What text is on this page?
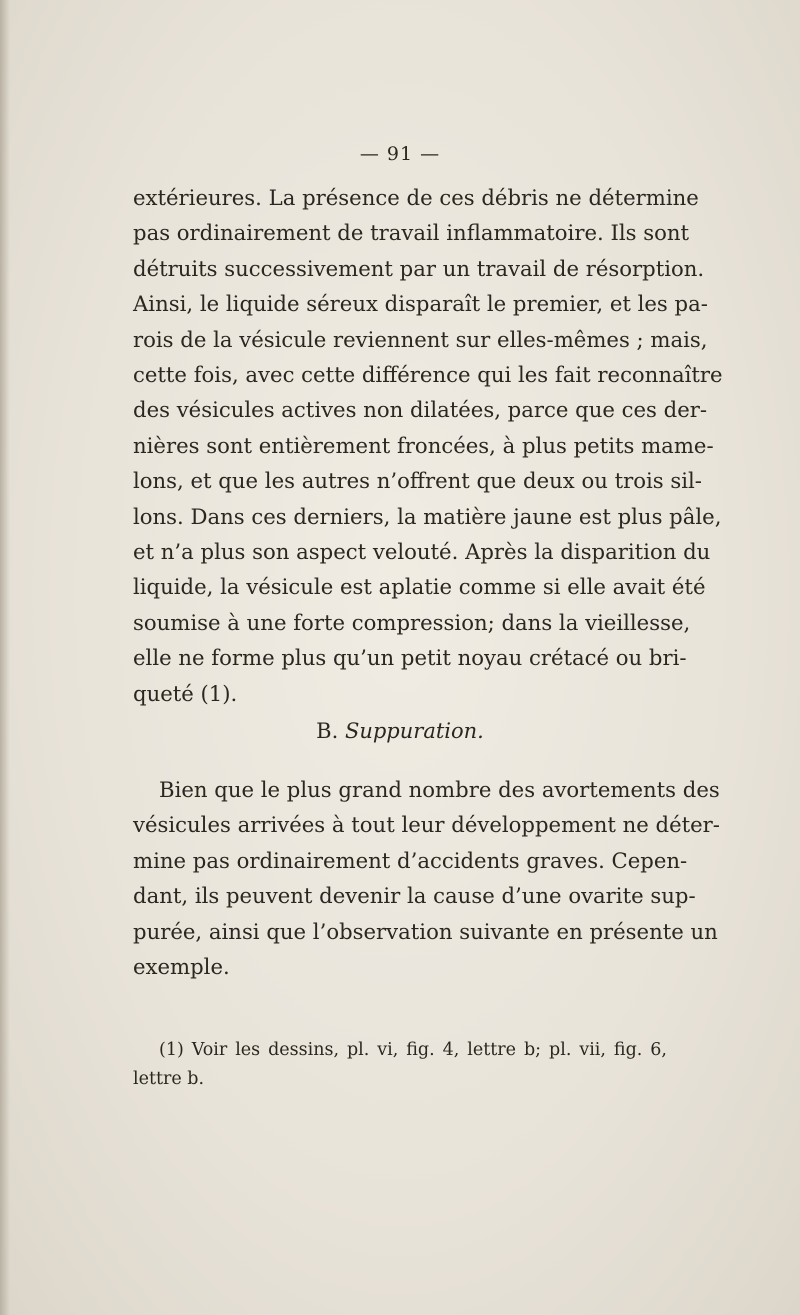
— 91 —
extérieures. La présence de ces débris ne détermine
pas ordinairement de travail inflammatoire. Ils sont
détruits successivement par un travail de résorption.
Ainsi, le liquide séreux disparaît le premier, et les pa-
rois de la vésicule reviennent sur elles-mêmes ; mais,
cette fois, avec cette différence qui les fait reconnaître
des vésicules actives non dilatées, parce que ces der-
nières sont entièrement froncées, à plus petits mame-
lons, et que les autres n’offrent que deux ou trois sil-
lons. Dans ces derniers, la matière jaune est plus pâle,
et n’a plus son aspect velouté. Après la disparition du
liquide, la vésicule est aplatie comme si elle avait été
soumise à une forte compression; dans la vieillesse,
elle ne forme plus qu’un petit noyau crétacé ou bri-
queté (1).
B. Suppuration.
Bien que le plus grand nombre des avortements des
vésicules arrivées à tout leur développement ne déter-
mine pas ordinairement d’accidents graves. Cepen-
dant, ils peuvent devenir la cause d’une ovarite sup-
purée, ainsi que l’observation suivante en présente un
exemple.
(1) Voir les dessins, pl. vi, fig. 4, lettre b; pl. vii, fig. 6,
lettre b.
